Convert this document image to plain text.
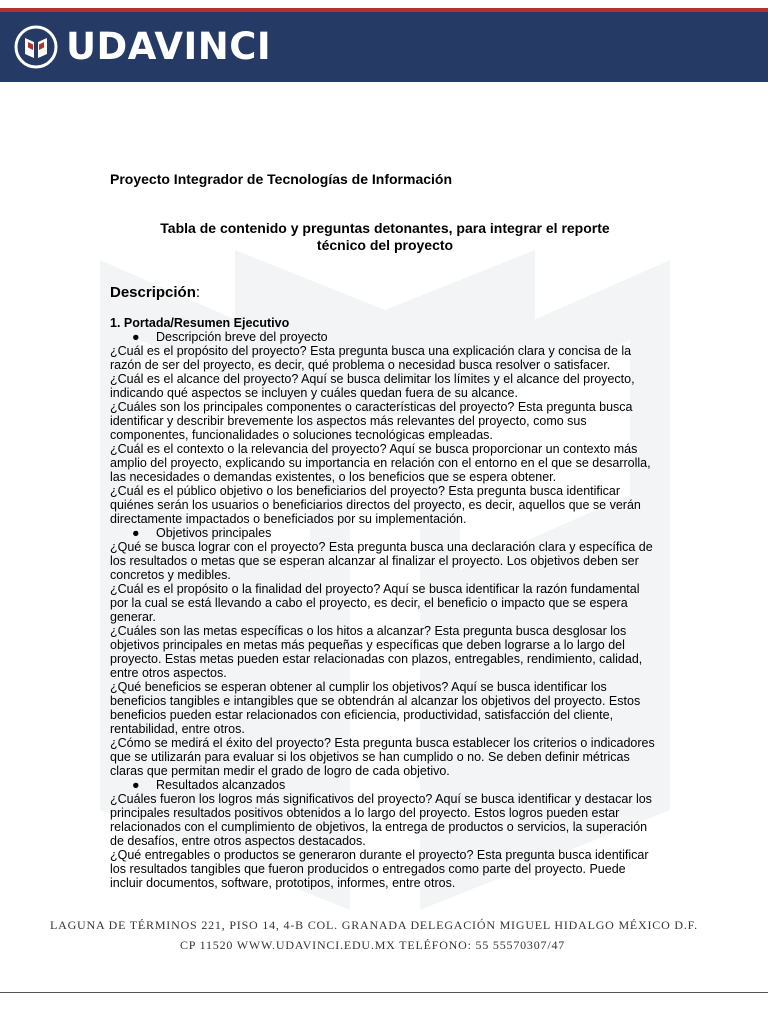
UDAVINCI

Proyecto Integrador de Tecnologías de Información

Tabla de contenido y preguntas detonantes, para integrar el reporte técnico del proyecto

Descripción:

1. Portada/Resumen Ejecutivo

● Descripción breve del proyecto

¿Cuál es el propósito del proyecto? Esta pregunta busca una explicación clara y concisa de la razón de ser del proyecto, es decir, qué problema o necesidad busca resolver o satisfacer.

¿Cuál es el alcance del proyecto? Aquí se busca delimitar los límites y el alcance del proyecto, indicando qué aspectos se incluyen y cuáles quedan fuera de su alcance.

¿Cuáles son los principales componentes o características del proyecto? Esta pregunta busca identificar y describir brevemente los aspectos más relevantes del proyecto, como sus componentes, funcionalidades o soluciones tecnológicas empleadas.

¿Cuál es el contexto o la relevancia del proyecto? Aquí se busca proporcionar un contexto más amplio del proyecto, explicando su importancia en relación con el entorno en el que se desarrolla, las necesidades o demandas existentes, o los beneficios que se espera obtener.

¿Cuál es el público objetivo o los beneficiarios del proyecto? Esta pregunta busca identificar quiénes serán los usuarios o beneficiarios directos del proyecto, es decir, aquellos que se verán directamente impactados o beneficiados por su implementación.

● Objetivos principales

¿Qué se busca lograr con el proyecto? Esta pregunta busca una declaración clara y específica de los resultados o metas que se esperan alcanzar al finalizar el proyecto. Los objetivos deben ser concretos y medibles.

¿Cuál es el propósito o la finalidad del proyecto? Aquí se busca identificar la razón fundamental por la cual se está llevando a cabo el proyecto, es decir, el beneficio o impacto que se espera generar.

¿Cuáles son las metas específicas o los hitos a alcanzar? Esta pregunta busca desglosar los objetivos principales en metas más pequeñas y específicas que deben lograrse a lo largo del proyecto. Estas metas pueden estar relacionadas con plazos, entregables, rendimiento, calidad, entre otros aspectos.

¿Qué beneficios se esperan obtener al cumplir los objetivos? Aquí se busca identificar los beneficios tangibles e intangibles que se obtendrán al alcanzar los objetivos del proyecto. Estos beneficios pueden estar relacionados con eficiencia, productividad, satisfacción del cliente, rentabilidad, entre otros.

¿Cómo se medirá el éxito del proyecto? Esta pregunta busca establecer los criterios o indicadores que se utilizarán para evaluar si los objetivos se han cumplido o no. Se deben definir métricas claras que permitan medir el grado de logro de cada objetivo.

● Resultados alcanzados

¿Cuáles fueron los logros más significativos del proyecto? Aquí se busca identificar y destacar los principales resultados positivos obtenidos a lo largo del proyecto. Estos logros pueden estar relacionados con el cumplimiento de objetivos, la entrega de productos o servicios, la superación de desafíos, entre otros aspectos destacados.

¿Qué entregables o productos se generaron durante el proyecto? Esta pregunta busca identificar los resultados tangibles que fueron producidos o entregados como parte del proyecto. Puede incluir documentos, software, prototipos, informes, entre otros.

LAGUNA DE TÉRMINOS 221, PISO 14, 4-B COL. GRANADA DELEGACIÓN MIGUEL HIDALGO MÉXICO D.F.
CP 11520 WWW.UDAVINCI.EDU.MX TELÉFONO: 55 55570307/47
